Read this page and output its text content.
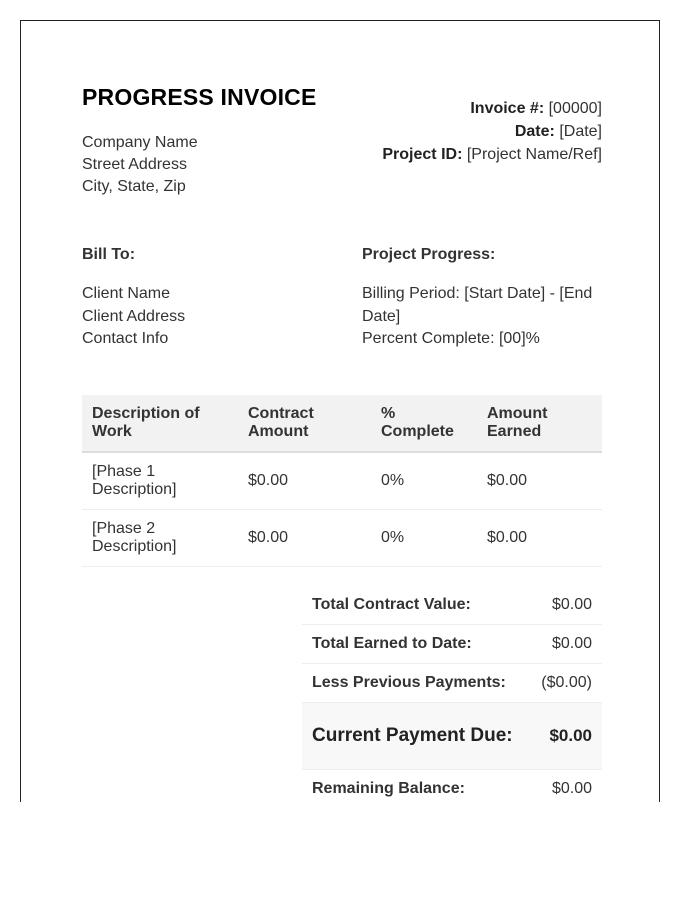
PROGRESS INVOICE
Company Name
Street Address
City, State, Zip
Invoice #: [00000]
Date: [Date]
Project ID: [Project Name/Ref]
Bill To:
Client Name
Client Address
Contact Info
Project Progress:
Billing Period: [Start Date] - [End Date]
Percent Complete: [00]%
Description of Work	Contract Amount	% Complete	Amount Earned
[Phase 1 Description]	$0.00	0%	$0.00
[Phase 2 Description]	$0.00	0%	$0.00
Total Contract Value:	$0.00
Total Earned to Date:	$0.00
Less Previous Payments:	($0.00)
Current Payment Due:	$0.00
Remaining Balance:	$0.00
